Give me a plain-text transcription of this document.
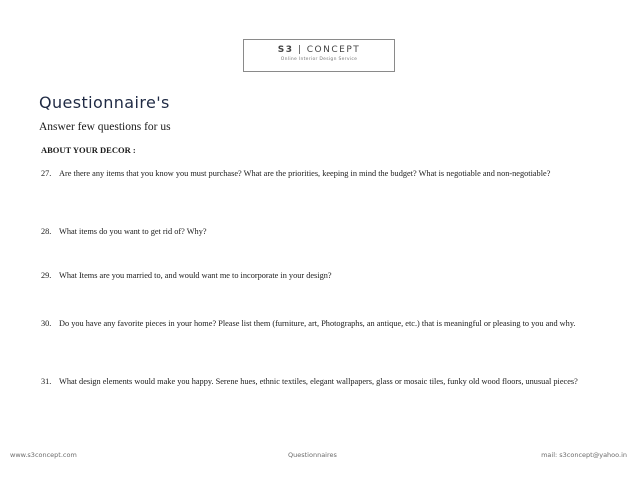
S3 | CONCEPT
Online Interior Design Service
Questionnaire's
Answer few questions for us
ABOUT YOUR DECOR :
27. Are there any items that you know you must purchase? What are the priorities, keeping in mind the budget? What is negotiable and non-negotiable?
28. What items do you want to get rid of? Why?
29. What Items are you married to, and would want me to incorporate in your design?
30. Do you have any favorite pieces in your home? Please list them (furniture, art, Photographs, an antique, etc.) that is meaningful or pleasing to you and why.
31. What design elements would make you happy. Serene hues, ethnic textiles, elegant wallpapers, glass or mosaic tiles, funky old wood floors, unusual pieces?
www.s3concept.com	Questionnaires	mail: s3concept@yahoo.in
